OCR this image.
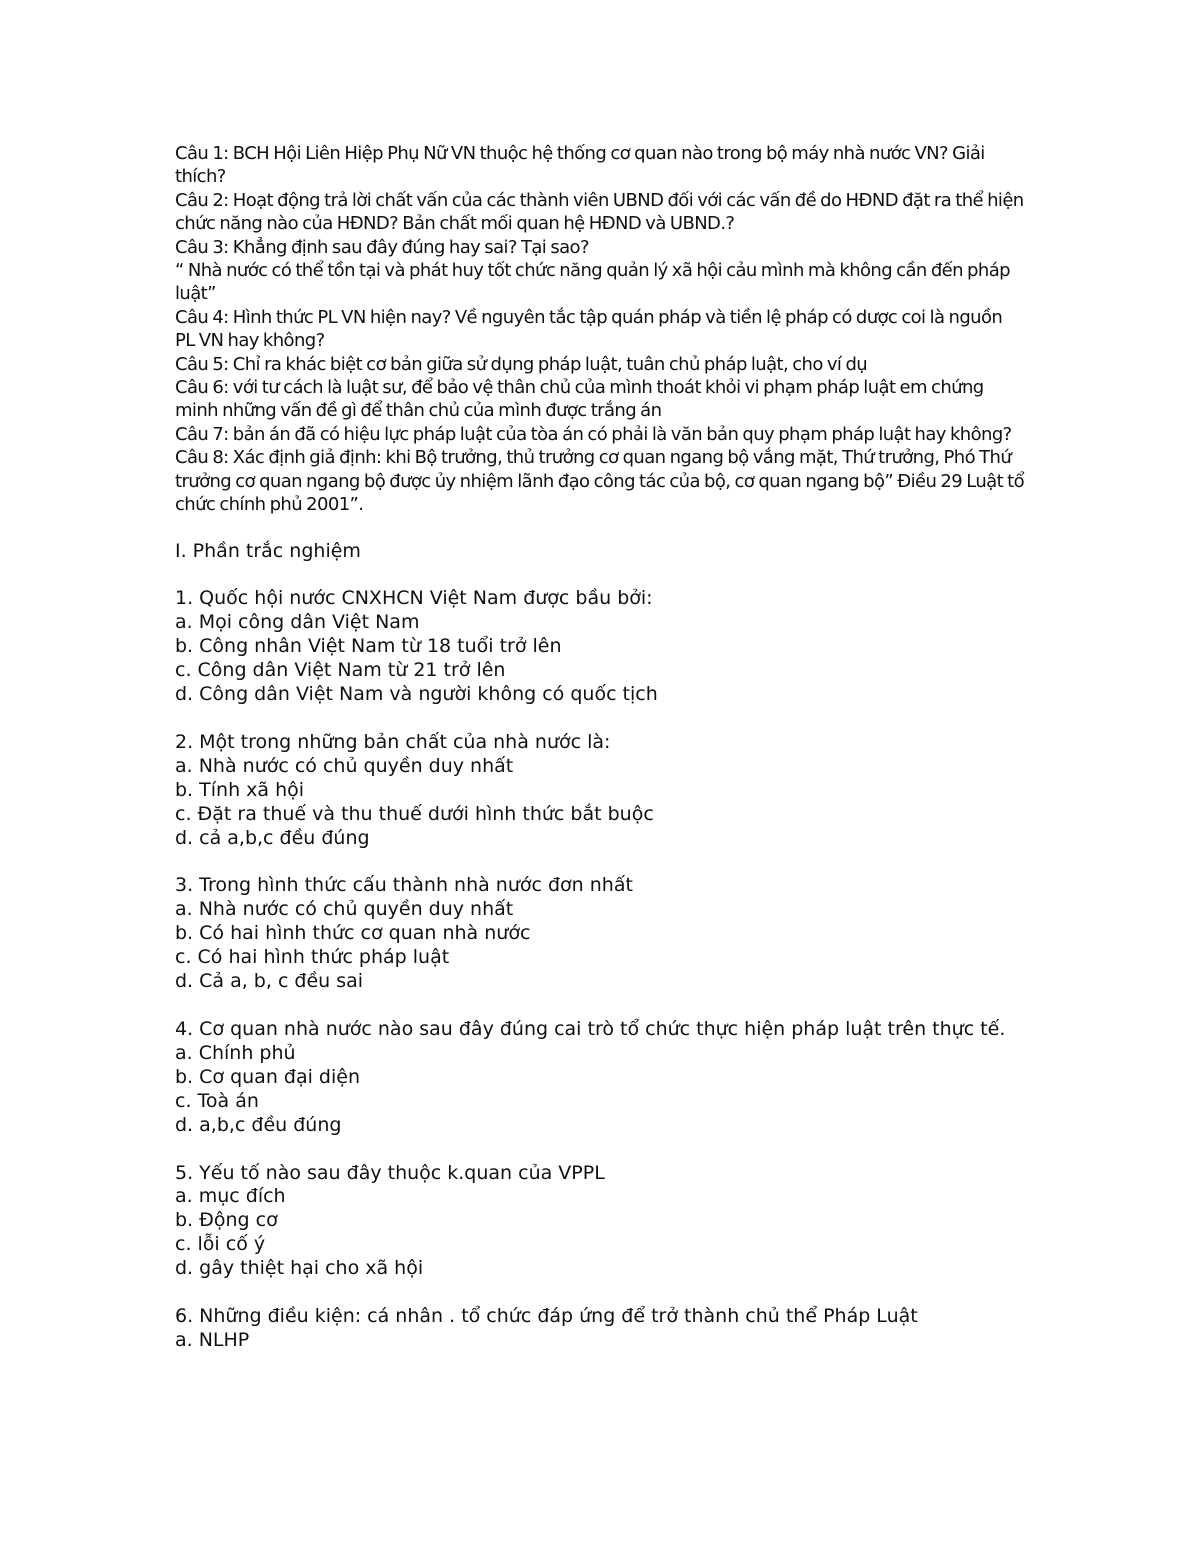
Câu 1: BCH Hội Liên Hiệp Phụ Nữ VN thuộc hệ thống cơ quan nào trong bộ máy nhà nước VN? Giải thích?

Câu 2: Hoạt động trả lời chất vấn của các thành viên UBND đối với các vấn đề do HĐND đặt ra thể hiện chức năng nào của HĐND? Bản chất mối quan hệ HĐND và UBND.?

Câu 3: Khẳng định sau đây đúng hay sai? Tại sao?

“ Nhà nước có thể tồn tại và phát huy tốt chức năng quản lý xã hội cảu mình mà không cần đến pháp luật”

Câu 4: Hình thức PL VN hiện nay? Về nguyên tắc tập quán pháp và tiền lệ pháp có dược coi là nguồn PL VN hay không?

Câu 5: Chỉ ra khác biệt cơ bản giữa sử dụng pháp luật, tuân chủ pháp luật, cho ví dụ

Câu 6: với tư cách là luật sư, để bảo vệ thân chủ của mình thoát khỏi vi phạm pháp luật em chứng minh những vấn đề gì để thân chủ của mình được trắng án

Câu 7: bản án đã có hiệu lực pháp luật của tòa án có phải là văn bản quy phạm pháp luật hay không?

Câu 8: Xác định giả định: khi Bộ trưởng, thủ trưởng cơ quan ngang bộ vắng mặt, Thứ trưởng, Phó Thứ trưởng cơ quan ngang bộ được ủy nhiệm lãnh đạo công tác của bộ, cơ quan ngang bộ” Điều 29 Luật tổ chức chính phủ 2001”.

I. Phần trắc nghiệm

1. Quốc hội nước CNXHCN Việt Nam được bầu bởi:

a. Mọi công dân Việt Nam

b. Công nhân Việt Nam từ 18 tuổi trở lên

c. Công dân Việt Nam từ 21 trở lên

d. Công dân Việt Nam và người không có quốc tịch

2. Một trong những bản chất của nhà nước là:

a. Nhà nước có chủ quyền duy nhất

b. Tính xã hội

c. Đặt ra thuế và thu thuế dưới hình thức bắt buộc

d. cả a,b,c đều đúng

3. Trong hình thức cấu thành nhà nước đơn nhất

a. Nhà nước có chủ quyền duy nhất

b. Có hai hình thức cơ quan nhà nước

c. Có hai hình thức pháp luật

d. Cả a, b, c đều sai

4. Cơ quan nhà nước nào sau đây đúng cai trò tổ chức thực hiện pháp luật trên thực tế.

a. Chính phủ

b. Cơ quan đại diện

c. Toà án

d. a,b,c đều đúng

5. Yếu tố nào sau đây thuộc k.quan của VPPL

a. mục đích

b. Động cơ

c. lỗi cố ý

d. gây thiệt hại cho xã hội

6. Những điều kiện: cá nhân . tổ chức đáp ứng để trở thành chủ thể Pháp Luật

a. NLHP
